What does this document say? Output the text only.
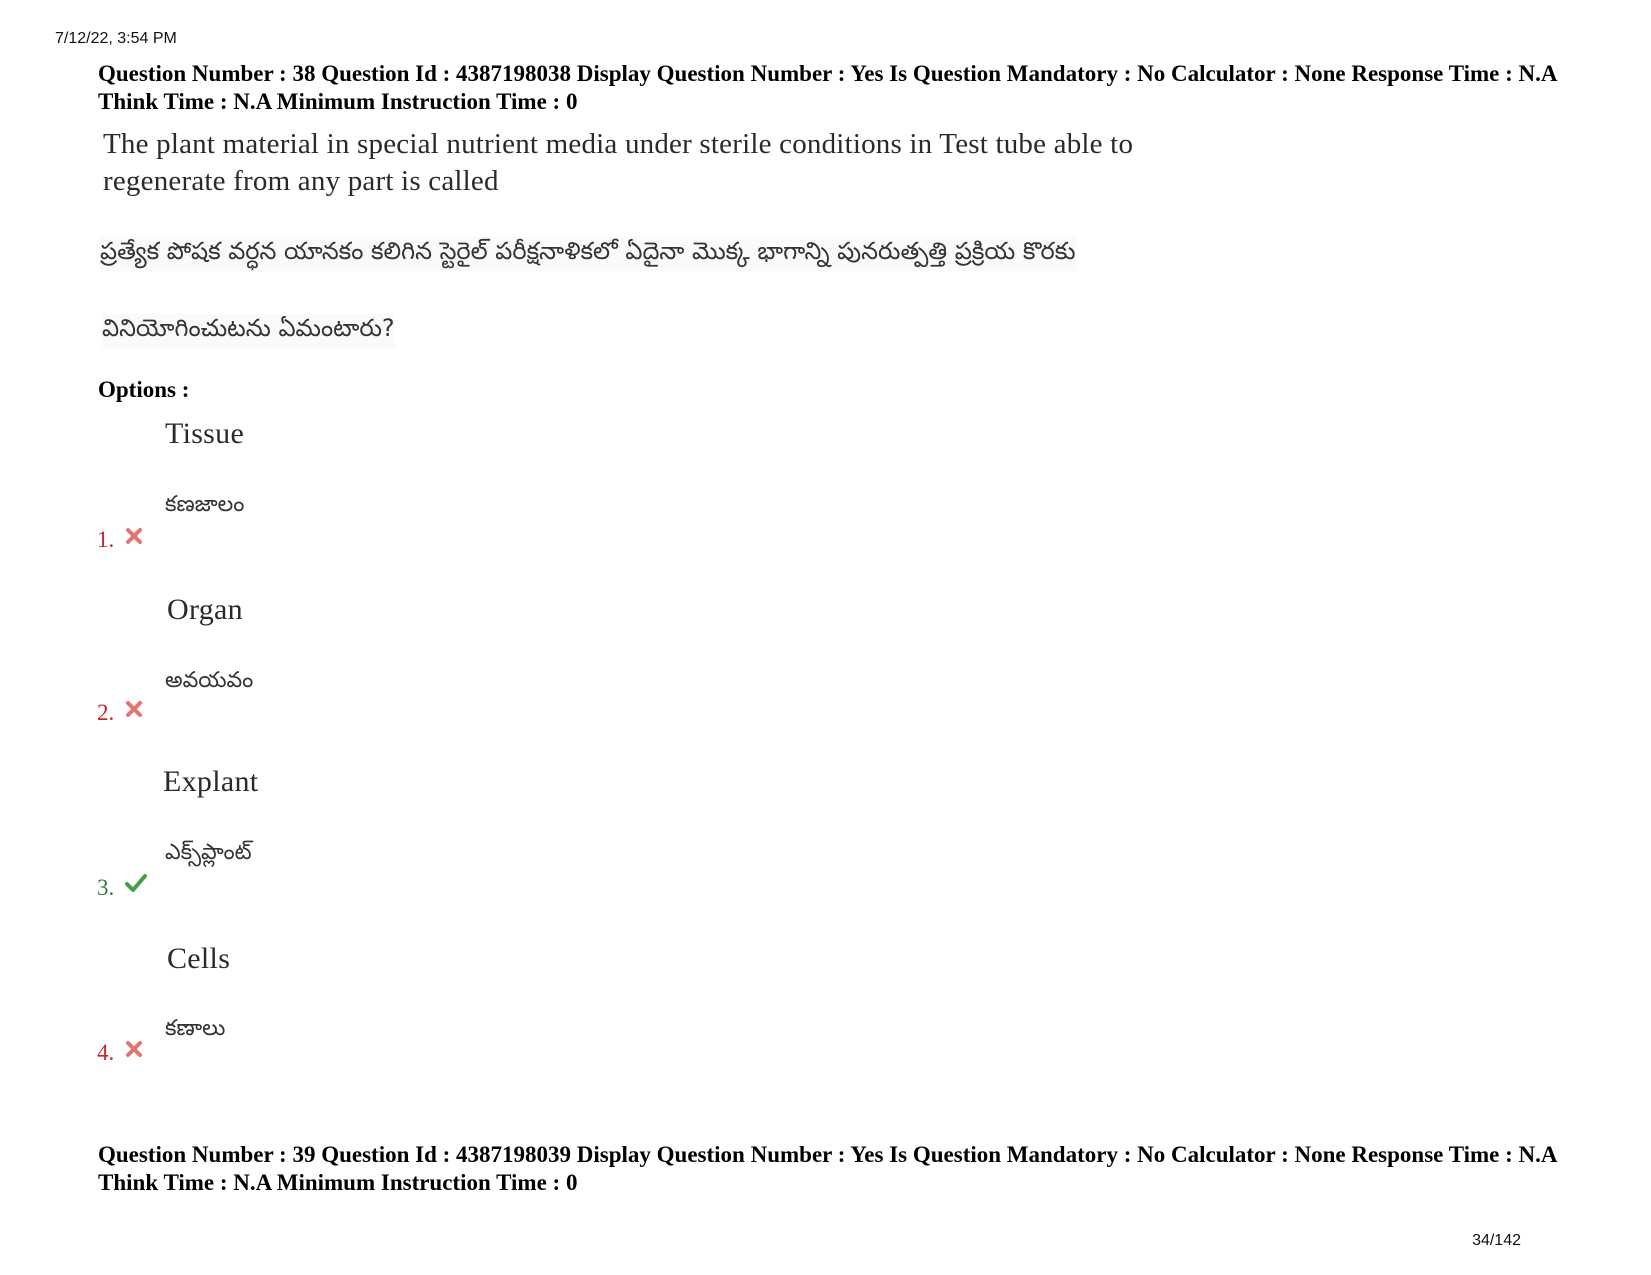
7/12/22, 3:54 PM
Question Number : 38 Question Id : 4387198038 Display Question Number : Yes Is Question Mandatory : No Calculator : None Response Time : N.A Think Time : N.A Minimum Instruction Time : 0
The plant material in special nutrient media under sterile conditions in Test tube able to regenerate from any part is called
ప్రత్యేక పోషక వర్ధన యానకం కలిగిన స్టెరైల్ పరీక్షనాళికలో ఏదైనా మొక్క భాగాన్ని పునరుత్పత్తి ప్రక్రియ కొరకు
వినియోగించుటను ఏమంటారు?
Options :
Tissue
కణజాలం
1.
Organ
అవయవం
2.
Explant
ఎక్స్‌ప్లాంట్
3.
Cells
కణాలు
4.
Question Number : 39 Question Id : 4387198039 Display Question Number : Yes Is Question Mandatory : No Calculator : None Response Time : N.A Think Time : N.A Minimum Instruction Time : 0
34/142
